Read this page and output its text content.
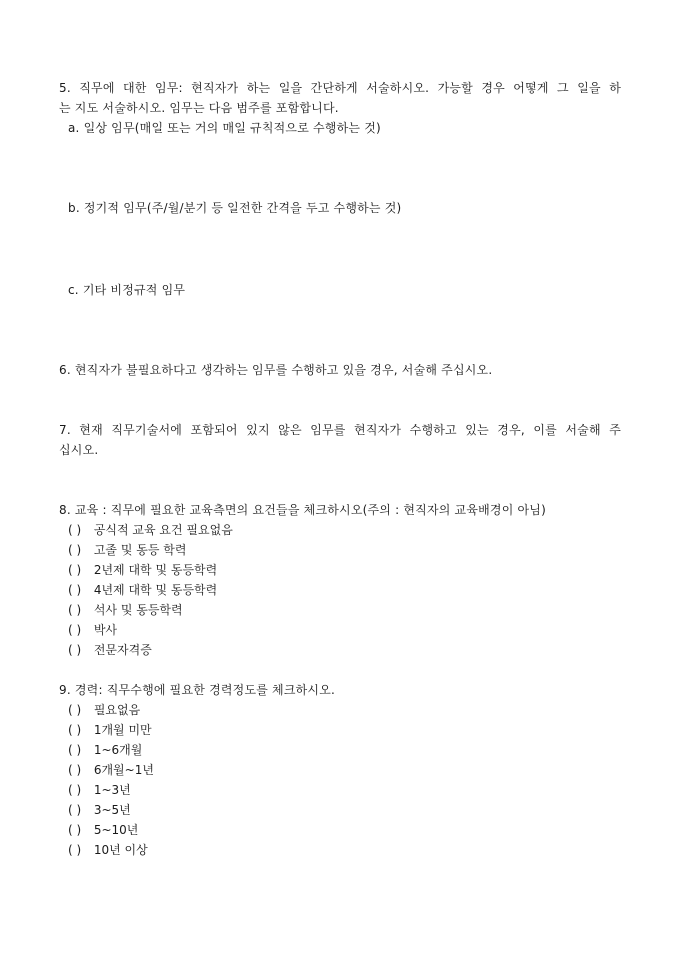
5. 직무에 대한 임무: 현직자가 하는 일을 간단하게 서술하시오. 가능할 경우 어떻게 그 일을 하
는 지도 서술하시오. 임무는 다음 범주를 포함합니다.
a. 일상 임무(매일 또는 거의 매일 규칙적으로 수행하는 것)
b. 정기적 임무(주/월/분기 등 일전한 간격을 두고 수행하는 것)
c. 기타 비정규적 임무
6. 현직자가 불필요하다고 생각하는 임무를 수행하고 있을 경우, 서술해 주십시오.
7. 현재 직무기술서에 포함되어 있지 않은 임무를 현직자가 수행하고 있는 경우, 이를 서술해 주
십시오.
8. 교육 : 직무에 필요한 교육측면의 요건들을 체크하시오(주의 : 현직자의 교육배경이 아님)
( ) 공식적 교육 요건 필요없음
( ) 고졸 및 동등 학력
( ) 2년제 대학 및 동등학력
( ) 4년제 대학 및 동등학력
( ) 석사 및 동등학력
( ) 박사
( ) 전문자격증
9. 경력: 직무수행에 필요한 경력정도를 체크하시오.
( ) 필요없음
( ) 1개월 미만
( ) 1~6개월
( ) 6개월~1년
( ) 1~3년
( ) 3~5년
( ) 5~10년
( ) 10년 이상
